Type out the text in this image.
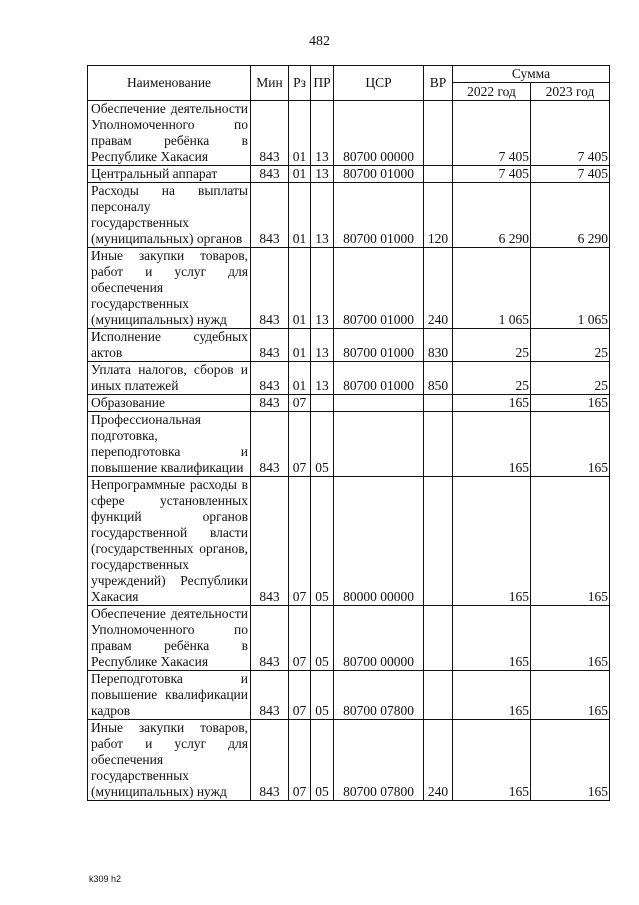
482
Наименование	Мин	Рз	ПР	ЦСР	ВР	Сумма	
						2022 год	2023 год
Обеспечение деятельности Уполномоченного по правам ребёнка в Республике Хакасия	843	01	13	80700 00000		7 405	7 405
Центральный аппарат	843	01	13	80700 01000		7 405	7 405
Расходы на выплаты персоналу государственных (муниципальных) органов	843	01	13	80700 01000	120	6 290	6 290
Иные закупки товаров, работ и услуг для обеспечения государственных (муниципальных) нужд	843	01	13	80700 01000	240	1 065	1 065
Исполнение судебных актов	843	01	13	80700 01000	830	25	25
Уплата налогов, сборов и иных платежей	843	01	13	80700 01000	850	25	25
Образование	843	07				165	165
Профессиональная подготовка, переподготовка и повышение квалификации	843	07	05			165	165
Непрограммные расходы в сфере установленных функций органов государственной власти (государственных органов, государственных учреждений) Республики Хакасия	843	07	05	80000 00000		165	165
Обеспечение деятельности Уполномоченного по правам ребёнка в Республике Хакасия	843	07	05	80700 00000		165	165
Переподготовка и повышение квалификации кадров	843	07	05	80700 07800		165	165
Иные закупки товаров, работ и услуг для обеспечения государственных (муниципальных) нужд	843	07	05	80700 07800	240	165	165
k309 h2
